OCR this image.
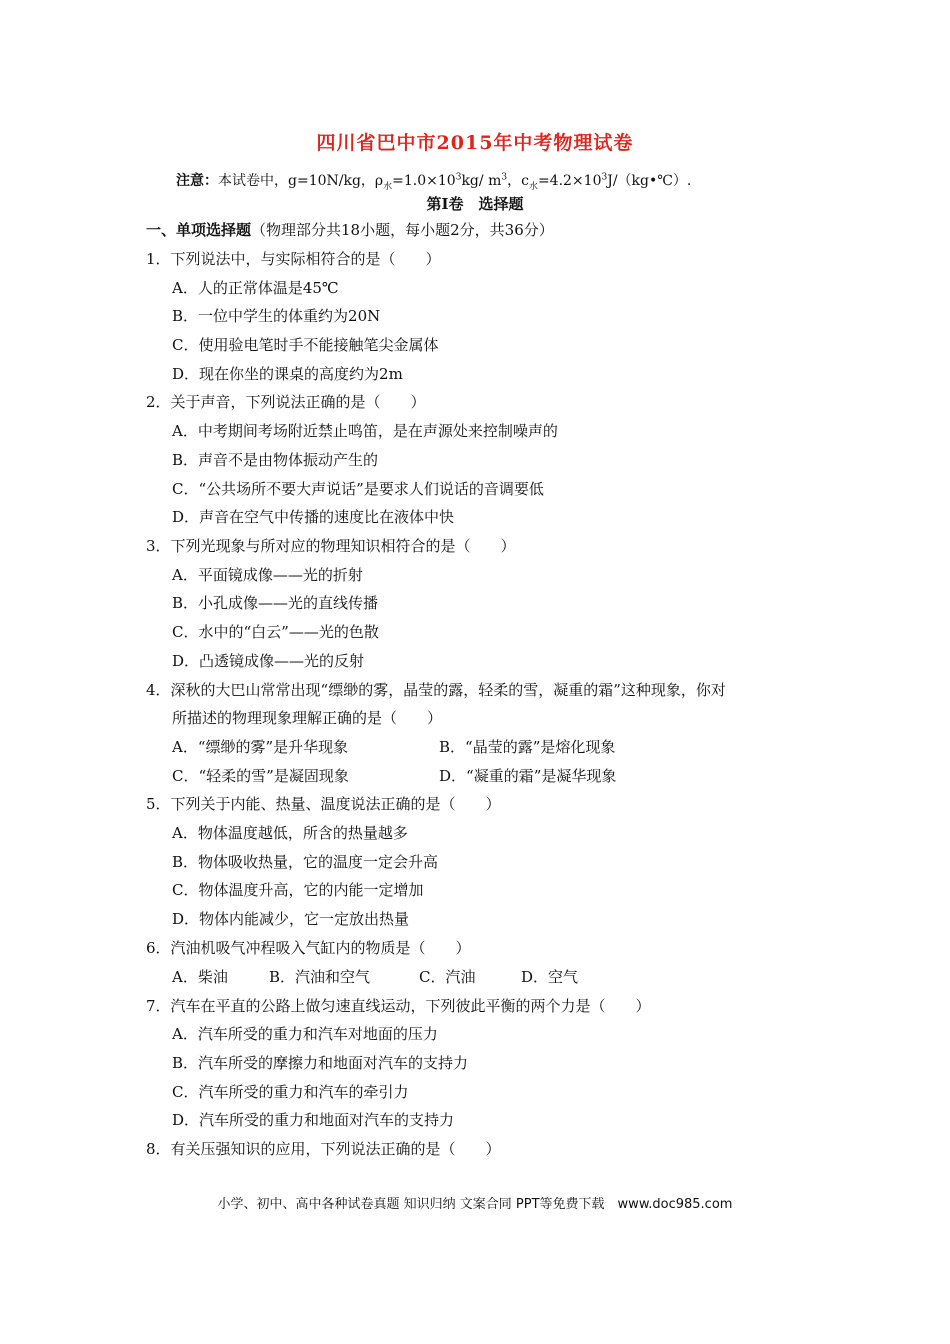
四川省巴中市2015年中考物理试卷
注意：本试卷中，g=10N/kg，$\rho_水=1.0\times 10^3kg/$ $m^3$，$c_水=4.2\times 10^3J/(kg•℃)$.
第Ⅰ卷　选择题
一、单项选择题（物理部分共18小题，每小题2分，共36分）
1．下列说法中，与实际相符合的是（　　）
A．人的正常体温是45℃
B．一位中学生的体重约为20N
C．使用验电笔时手不能接触笔尖金属体
D．现在你坐的课桌的高度约为2m
2．关于声音，下列说法正确的是（　　）
A．中考期间考场附近禁止鸣笛，是在声源处来控制噪声的
B．声音不是由物体振动产生的
C．“公共场所不要大声说话”是要求人们说话的音调要低
D．声音在空气中传播的速度比在液体中快
3．下列光现象与所对应的物理知识相符合的是（　　）
A．平面镜成像——光的折射
B．小孔成像——光的直线传播
C．水中的“白云”——光的色散
D．凸透镜成像——光的反射
4．深秋的大巴山常常出现“缥缈的雾，晶莹的露，轻柔的雪，凝重的霜”这种现象，你对
所描述的物理现象理解正确的是（　　）
A．“缥缈的雾”是升华现象	B．“晶莹的露”是熔化现象
C．“轻柔的雪”是凝固现象	D．“凝重的霜”是凝华现象
5．下列关于内能、热量、温度说法正确的是（　　）
A．物体温度越低，所含的热量越多
B．物体吸收热量，它的温度一定会升高
C．物体温度升高，它的内能一定增加
D．物体内能减少，它一定放出热量
6．汽油机吸气冲程吸入气缸内的物质是（　　）
A．柴油	B．汽油和空气	C．汽油	D．空气
7．汽车在平直的公路上做匀速直线运动，下列彼此平衡的两个力是（　　）
A．汽车所受的重力和汽车对地面的压力
B．汽车所受的摩擦力和地面对汽车的支持力
C．汽车所受的重力和汽车的牵引力
D．汽车所受的重力和地面对汽车的支持力
8．有关压强知识的应用，下列说法正确的是（　　）
小学、初中、高中各种试卷真题 知识归纳 文案合同 PPT等免费下载　www.doc985.com
